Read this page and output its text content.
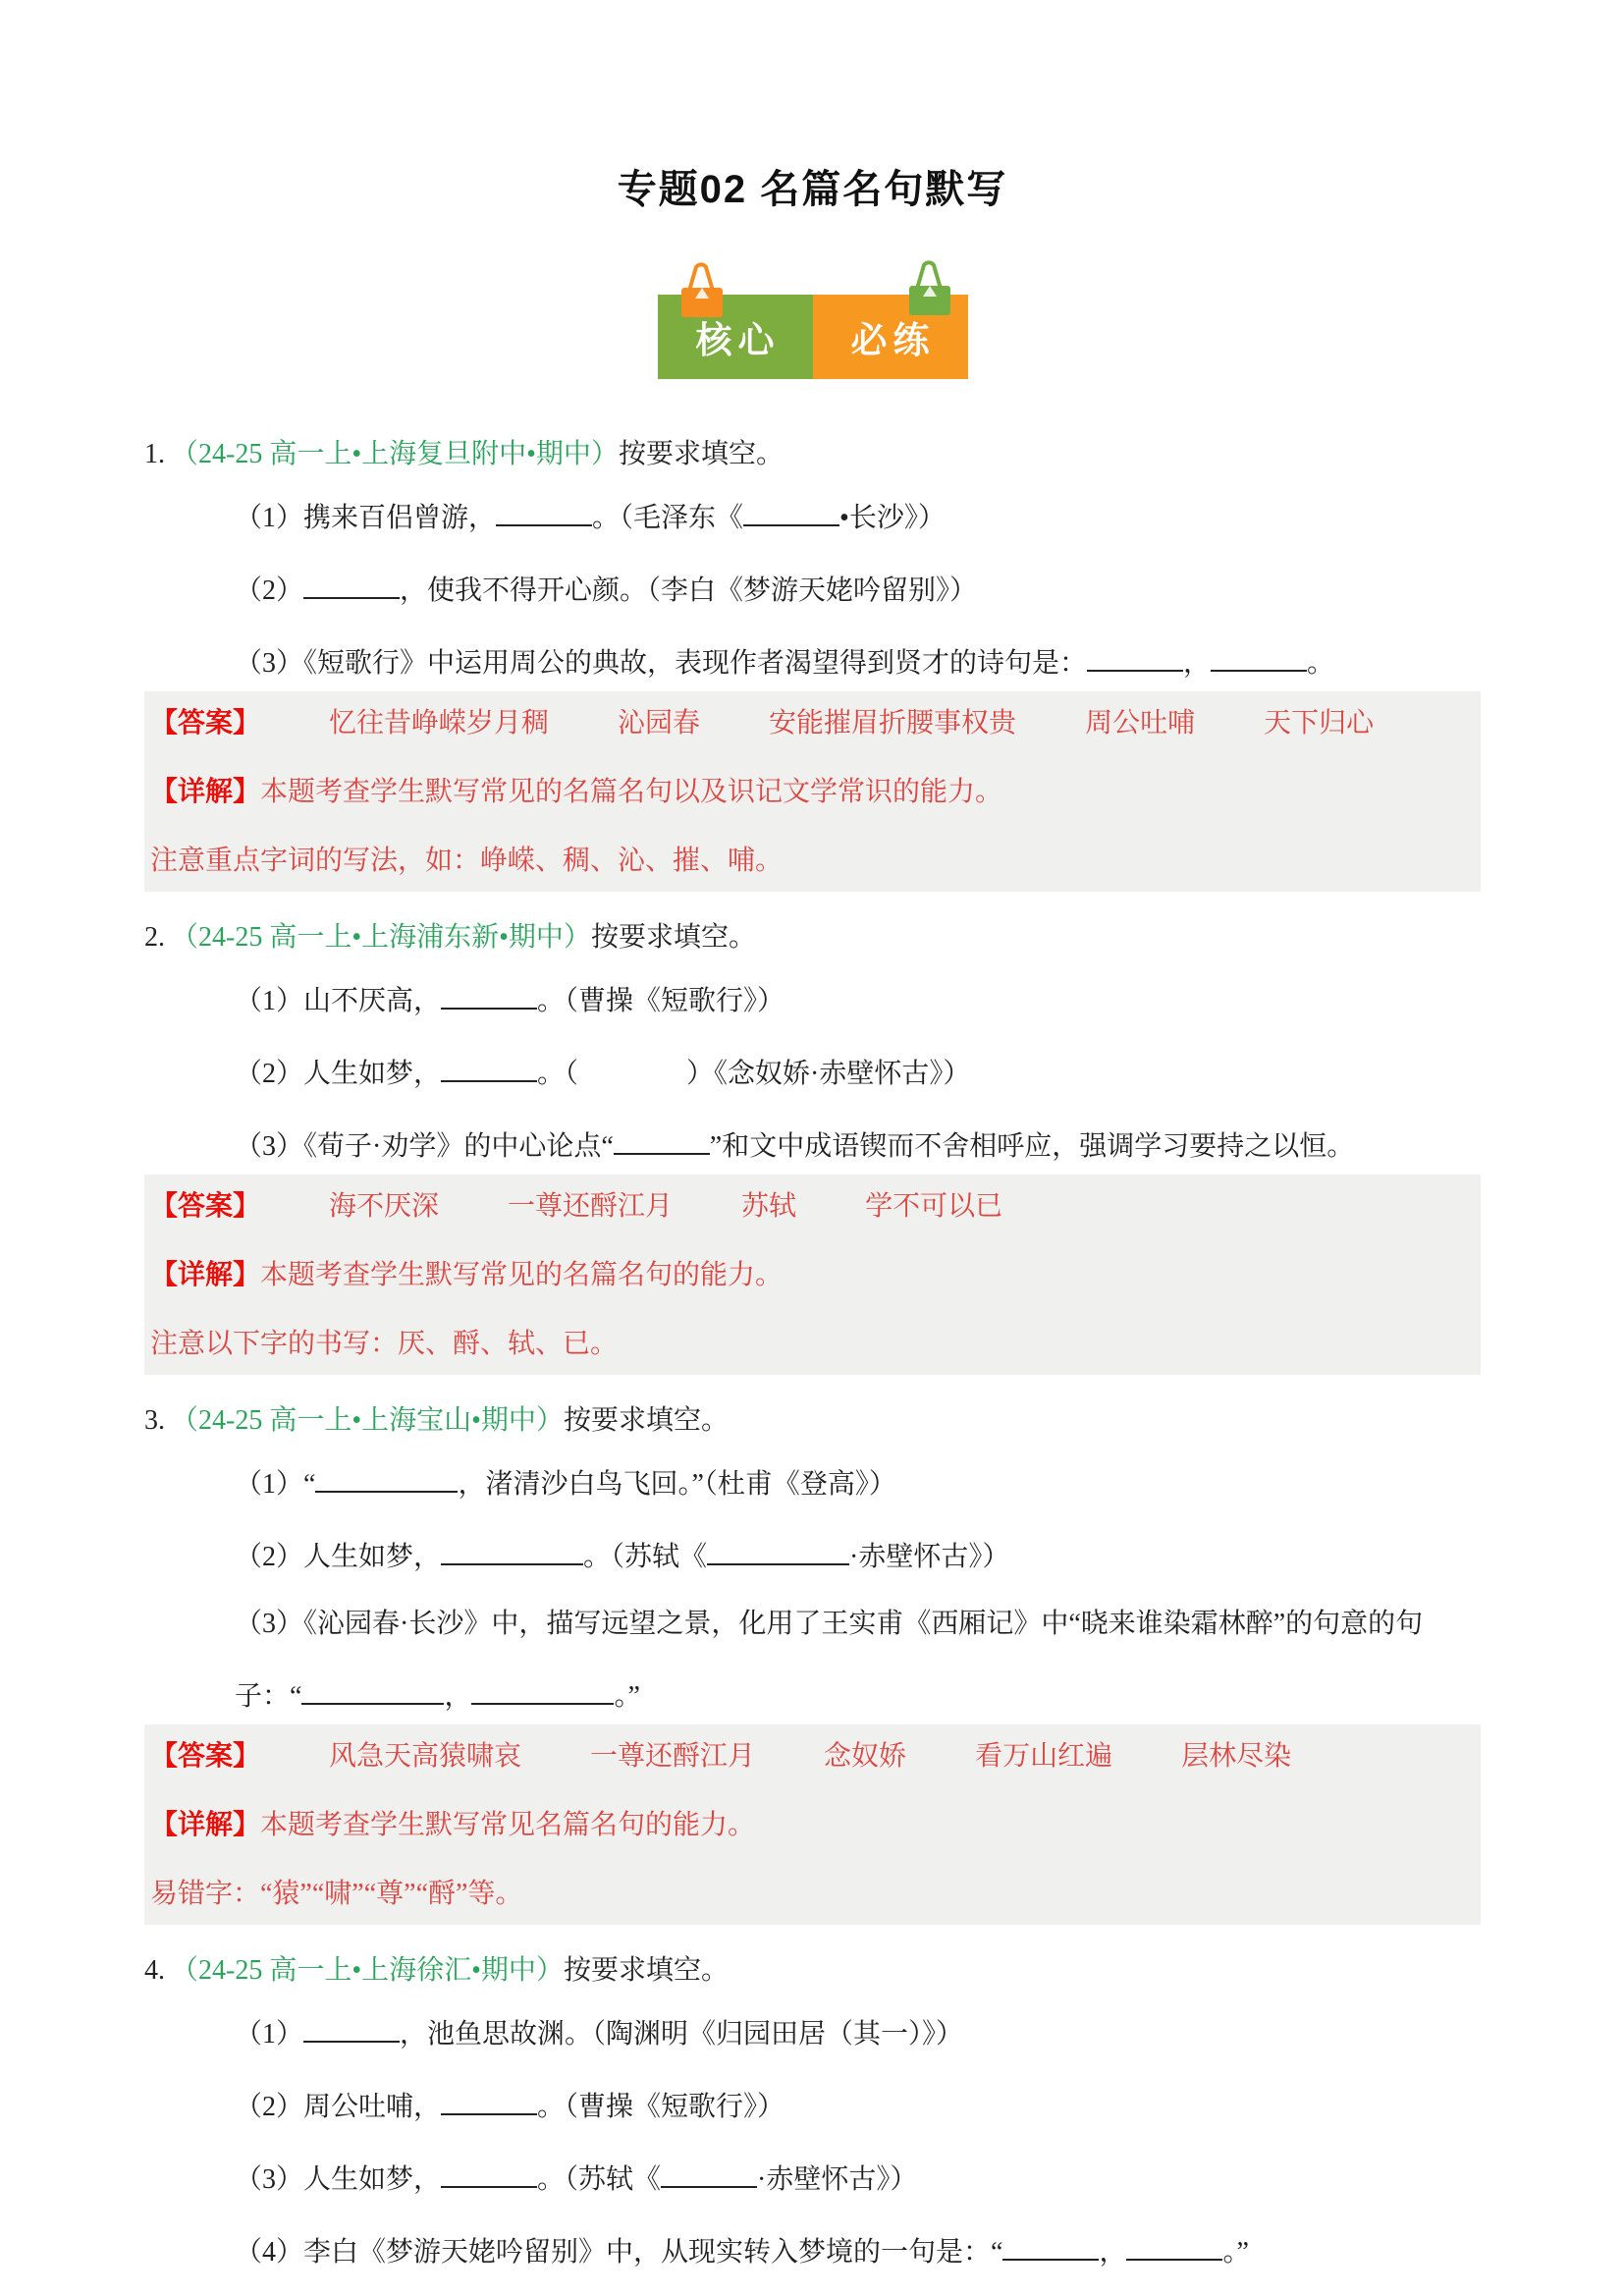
专题02 名篇名句默写
核心	必练

1. （24-25 高一上•上海复旦附中•期中）按要求填空。

（1）携来百侣曾游，	。（毛泽东《	•长沙》）

（2）	，使我不得开心颜。（李白《梦游天姥吟留别》）

（3）《短歌行》中运用周公的典故，表现作者渴望得到贤才的诗句是：	，	。

【答案】	忆往昔峥嵘岁月稠	沁园春	安能摧眉折腰事权贵	周公吐哺	天下归心

【详解】本题考查学生默写常见的名篇名句以及识记文学常识的能力。

注意重点字词的写法，如：峥嵘、稠、沁、摧、哺。

2. （24-25 高一上•上海浦东新•期中）按要求填空。

（1）山不厌高，	。（曹操《短歌行》）

（2）人生如梦，	。（	）《念奴娇·赤壁怀古》）

（3）《荀子·劝学》的中心论点“	”和文中成语锲而不舍相呼应，强调学习要持之以恒。

【答案】	海不厌深	一尊还酹江月	苏轼	学不可以已

【详解】本题考查学生默写常见的名篇名句的能力。

注意以下字的书写：厌、酹、轼、已。

3. （24-25 高一上•上海宝山•期中）按要求填空。

（1）“	，渚清沙白鸟飞回。”（杜甫《登高》）

（2）人生如梦，	。（苏轼《	·赤壁怀古》）

（3）《沁园春·长沙》中，描写远望之景，化用了王实甫《西厢记》中“晓来谁染霜林醉”的句意的句

子：“	，	。”

【答案】	风急天高猿啸哀	一尊还酹江月	念奴娇	看万山红遍	层林尽染

【详解】本题考查学生默写常见名篇名句的能力。

易错字：“猿”“啸”“尊”“酹”等。

4. （24-25 高一上•上海徐汇•期中）按要求填空。

（1）	，池鱼思故渊。（陶渊明《归园田居（其一）》）

（2）周公吐哺，	。（曹操《短歌行》）

（3）人生如梦，	。（苏轼《	·赤壁怀古》）

（4）李白《梦游天姥吟留别》中，从现实转入梦境的一句是：“	，	。”
